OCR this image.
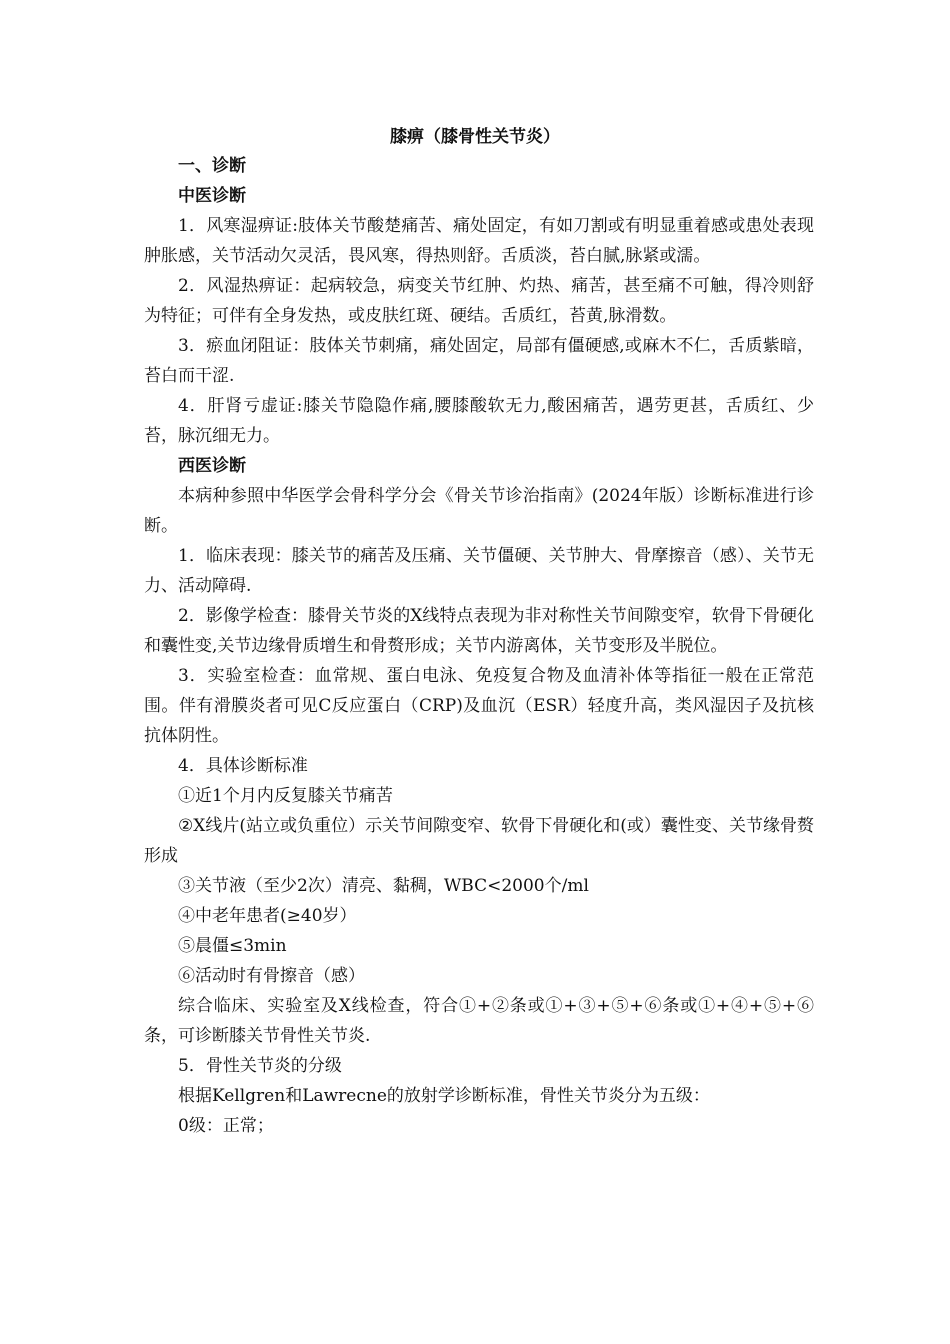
膝痹（膝骨性关节炎）

一、诊断

中医诊断

1．风寒湿痹证:肢体关节酸楚痛苦、痛处固定，有如刀割或有明显重着感或患处表现肿胀感，关节活动欠灵活，畏风寒，得热则舒。舌质淡，苔白腻,脉紧或濡。

2．风湿热痹证：起病较急，病变关节红肿、灼热、痛苦，甚至痛不可触，得冷则舒为特征；可伴有全身发热，或皮肤红斑、硬结。舌质红，苔黄,脉滑数。

3．瘀血闭阻证：肢体关节刺痛，痛处固定，局部有僵硬感,或麻木不仁，舌质紫暗，苔白而干涩.

4．肝肾亏虚证:膝关节隐隐作痛,腰膝酸软无力,酸困痛苦，遇劳更甚，舌质红、少苔，脉沉细无力。

西医诊断

本病种参照中华医学会骨科学分会《骨关节诊治指南》(2024年版）诊断标准进行诊断。

1．临床表现：膝关节的痛苦及压痛、关节僵硬、关节肿大、骨摩擦音（感）、关节无力、活动障碍.

2．影像学检查：膝骨关节炎的X线特点表现为非对称性关节间隙变窄，软骨下骨硬化和囊性变,关节边缘骨质增生和骨赘形成；关节内游离体，关节变形及半脱位。

3．实验室检查：血常规、蛋白电泳、免疫复合物及血清补体等指征一般在正常范围。伴有滑膜炎者可见C反应蛋白（CRP)及血沉（ESR）轻度升高，类风湿因子及抗核抗体阴性。

4．具体诊断标准

①近1个月内反复膝关节痛苦

②X线片(站立或负重位）示关节间隙变窄、软骨下骨硬化和(或）囊性变、关节缘骨赘形成

③关节液（至少2次）清亮、黏稠，WBC<2000个/ml

④中老年患者(≥40岁）

⑤晨僵≤3min

⑥活动时有骨擦音（感）

综合临床、实验室及X线检查，符合①+②条或①+③+⑤+⑥条或①+④+⑤+⑥条，可诊断膝关节骨性关节炎.

5．骨性关节炎的分级

根据Kellgren和Lawrecne的放射学诊断标准，骨性关节炎分为五级：

0级：正常；
